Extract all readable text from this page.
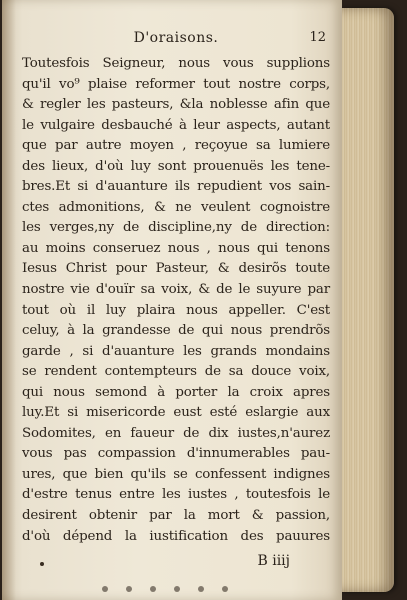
D'oraisons.	12
Toutesfois Seigneur, nous vous supplions
qu'il vo⁹ plaise reformer tout nostre corps,
& regler les pasteurs, &la noblesse afin que
le vulgaire desbauché à leur aspects, autant
que par autre moyen , reçoyue sa lumiere
des lieux, d'où luy sont prouenuës les tene-
bres.Et si d'auanture ils repudient vos sain-
ctes admonitions, & ne veulent cognoistre
les verges,ny de discipline,ny de direction:
au moins conseruez nous , nous qui tenons
Iesus Christ pour Pasteur, & desirõs toute
nostre vie d'ouïr sa voix, & de le suyure par
tout où il luy plaira nous appeller. C'est
celuy, à la grandesse de qui nous prendrõs
garde , si d'auanture les grands mondains
se rendent contempteurs de sa douce voix,
qui nous semond à porter la croix apres
luy.Et si misericorde eust esté eslargie aux
Sodomites, en faueur de dix iustes,n'aurez
vous pas compassion d'innumerables pau-
ures, que bien qu'ils se confessent indignes
d'estre tenus entre les iustes , toutesfois le
desirent obtenir par la mort & passion,
d'où dépend la iustification des pauures
B iiij
